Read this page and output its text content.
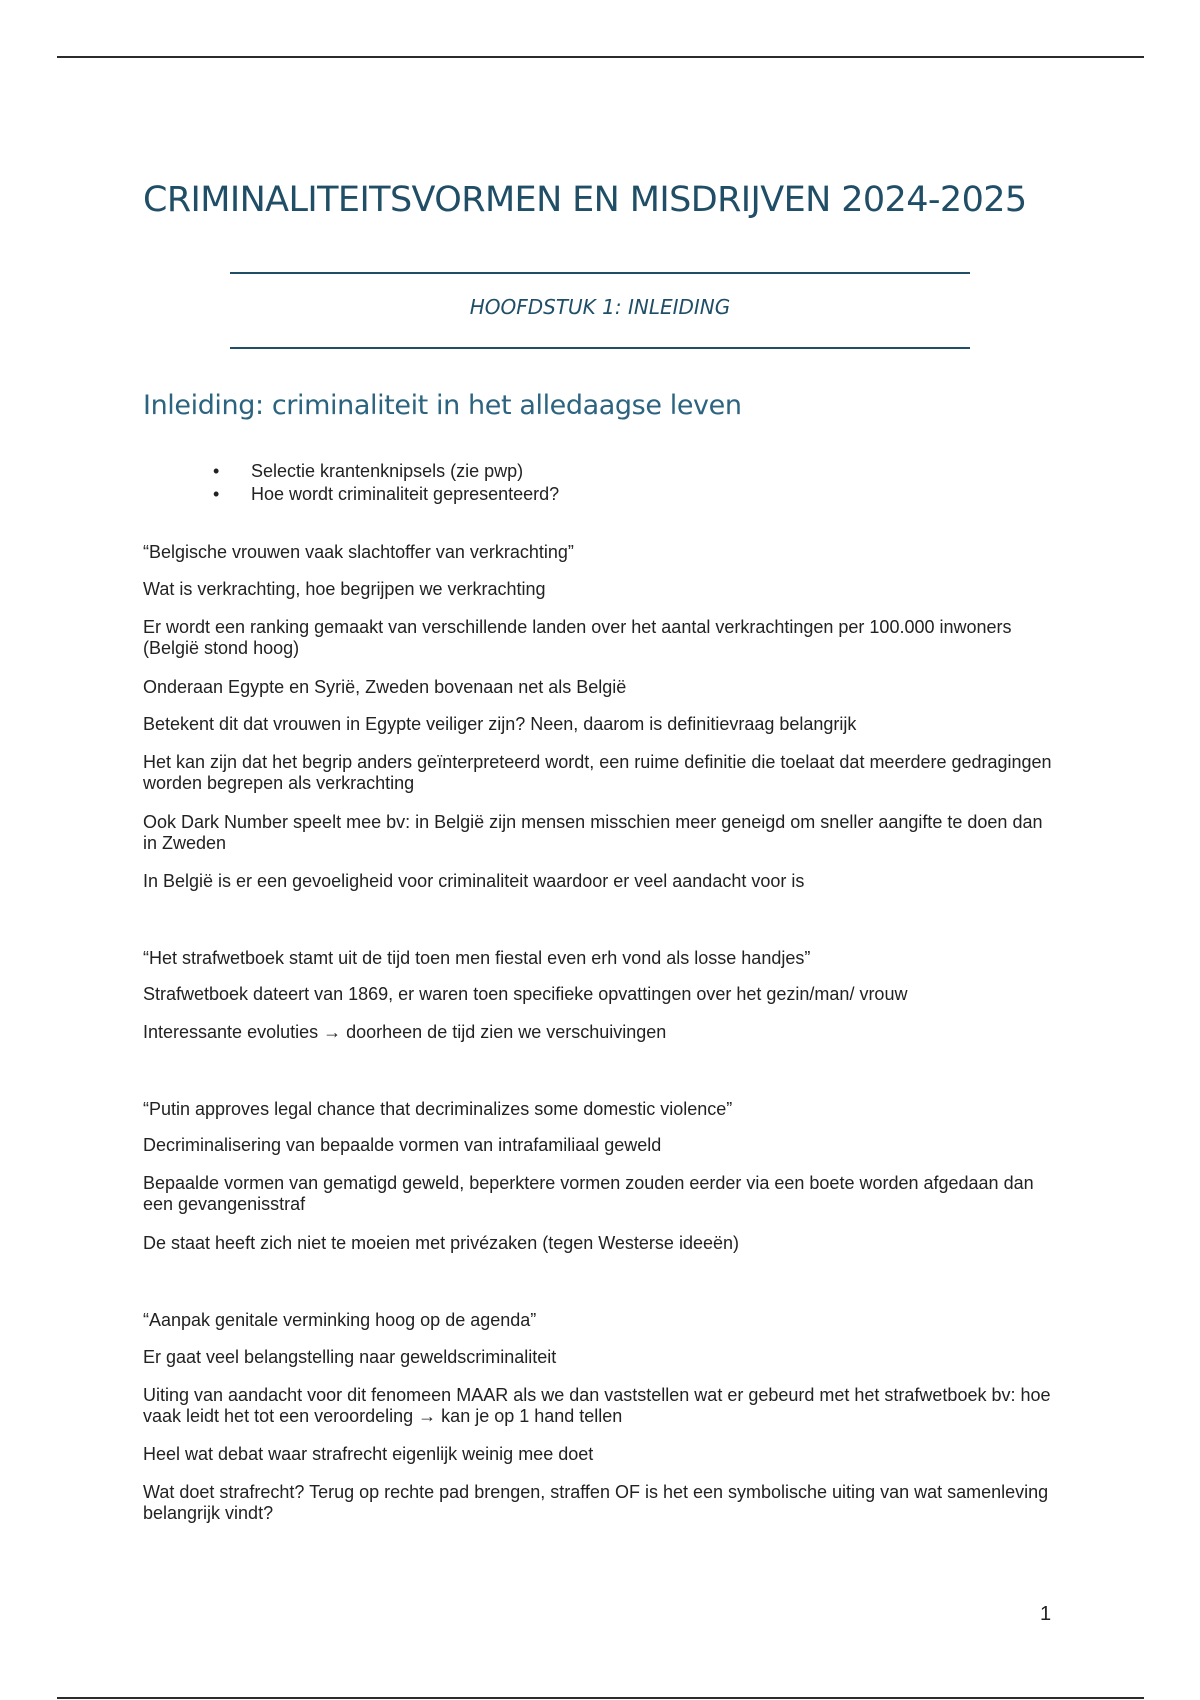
CRIMINALITEITSVORMEN EN MISDRIJVEN 2024-2025
HOOFDSTUK 1: INLEIDING
Inleiding: criminaliteit in het alledaagse leven
• Selectie krantenknipsels (zie pwp)
• Hoe wordt criminaliteit gepresenteerd?

“Belgische vrouwen vaak slachtoffer van verkrachting”

Wat is verkrachting, hoe begrijpen we verkrachting

Er wordt een ranking gemaakt van verschillende landen over het aantal verkrachtingen per 100.000 inwoners (België stond hoog)

Onderaan Egypte en Syrië, Zweden bovenaan net als België

Betekent dit dat vrouwen in Egypte veiliger zijn? Neen, daarom is definitievraag belangrijk

Het kan zijn dat het begrip anders geïnterpreteerd wordt, een ruime definitie die toelaat dat meerdere gedragingen worden begrepen als verkrachting

Ook Dark Number speelt mee bv: in België zijn mensen misschien meer geneigd om sneller aangifte te doen dan in Zweden

In België is er een gevoeligheid voor criminaliteit waardoor er veel aandacht voor is

“Het strafwetboek stamt uit de tijd toen men fiestal even erh vond als losse handjes”

Strafwetboek dateert van 1869, er waren toen specifieke opvattingen over het gezin/man/ vrouw

Interessante evoluties → doorheen de tijd zien we verschuivingen

“Putin approves legal chance that decriminalizes some domestic violence”

Decriminalisering van bepaalde vormen van intrafamiliaal geweld

Bepaalde vormen van gematigd geweld, beperktere vormen zouden eerder via een boete worden afgedaan dan een gevangenisstraf

De staat heeft zich niet te moeien met privézaken (tegen Westerse ideeën)

“Aanpak genitale verminking hoog op de agenda”

Er gaat veel belangstelling naar geweldscriminaliteit

Uiting van aandacht voor dit fenomeen MAAR als we dan vaststellen wat er gebeurd met het strafwetboek bv: hoe vaak leidt het tot een veroordeling → kan je op 1 hand tellen

Heel wat debat waar strafrecht eigenlijk weinig mee doet

Wat doet strafrecht? Terug op rechte pad brengen, straffen OF is het een symbolische uiting van wat samenleving belangrijk vindt?

1
